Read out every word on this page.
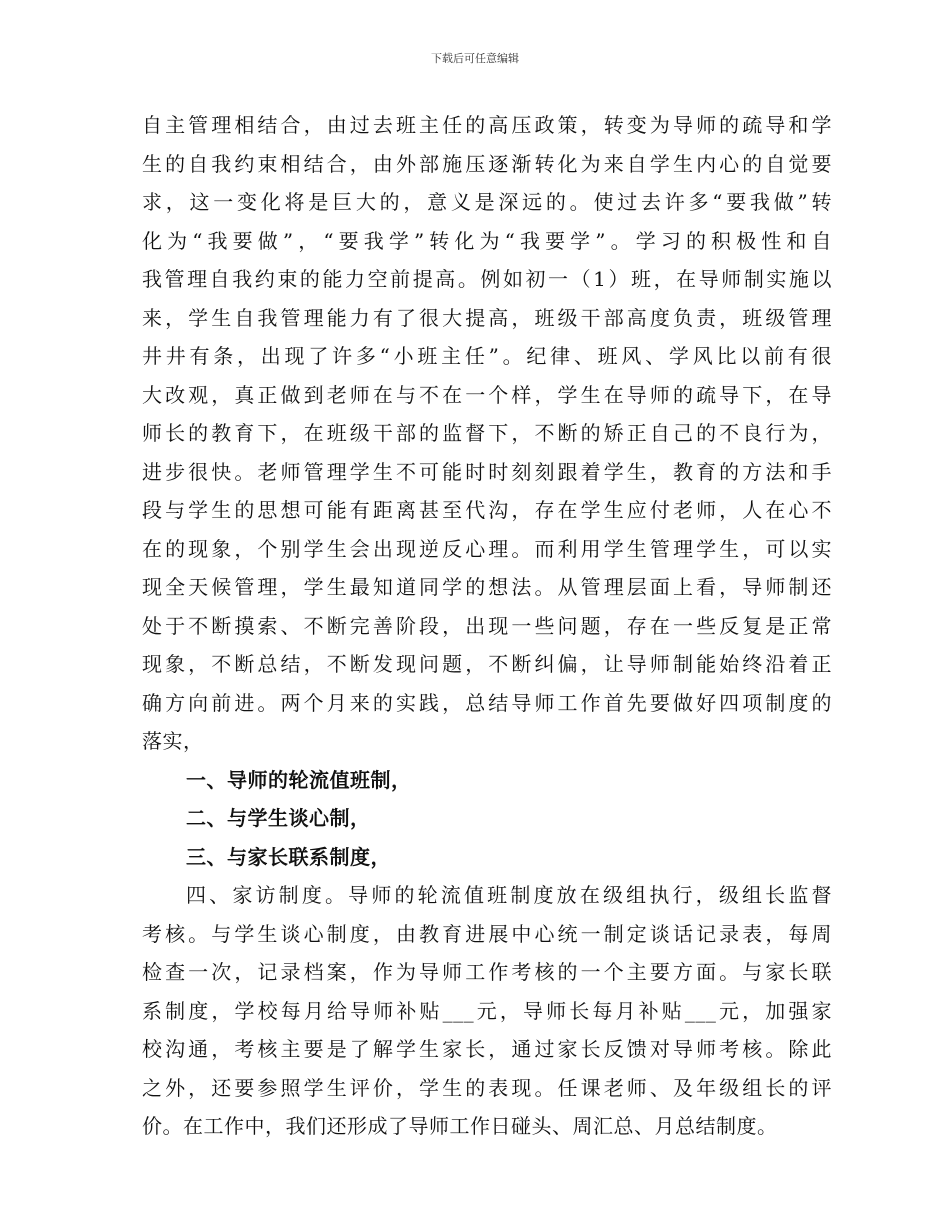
下载后可任意编辑
自主管理相结合，由过去班主任的高压政策，转变为导师的疏导和学
生的自我约束相结合，由外部施压逐渐转化为来自学生内心的自觉要
求，这一变化将是巨大的，意义是深远的。使过去许多“要我做”转
化为“我要做”，“要我学”转化为“我要学”。学习的积极性和自
我管理自我约束的能力空前提高。例如初一（1）班，在导师制实施以
来，学生自我管理能力有了很大提高，班级干部高度负责，班级管理
井井有条，出现了许多“小班主任”。纪律、班风、学风比以前有很
大改观，真正做到老师在与不在一个样，学生在导师的疏导下，在导
师长的教育下，在班级干部的监督下，不断的矫正自己的不良行为，
进步很快。老师管理学生不可能时时刻刻跟着学生，教育的方法和手
段与学生的思想可能有距离甚至代沟，存在学生应付老师，人在心不
在的现象，个别学生会出现逆反心理。而利用学生管理学生，可以实
现全天候管理，学生最知道同学的想法。从管理层面上看，导师制还
处于不断摸索、不断完善阶段，出现一些问题，存在一些反复是正常
现象，不断总结，不断发现问题，不断纠偏，让导师制能始终沿着正
确方向前进。两个月来的实践，总结导师工作首先要做好四项制度的
落实，
一、导师的轮流值班制，
二、与学生谈心制，
三、与家长联系制度，
四、家访制度。导师的轮流值班制度放在级组执行，级组长监督
考核。与学生谈心制度，由教育进展中心统一制定谈话记录表，每周
检查一次，记录档案，作为导师工作考核的一个主要方面。与家长联
系制度，学校每月给导师补贴___元，导师长每月补贴___元，加强家
校沟通，考核主要是了解学生家长，通过家长反馈对导师考核。除此
之外，还要参照学生评价，学生的表现。任课老师、及年级组长的评
价。在工作中，我们还形成了导师工作日碰头、周汇总、月总结制度。
